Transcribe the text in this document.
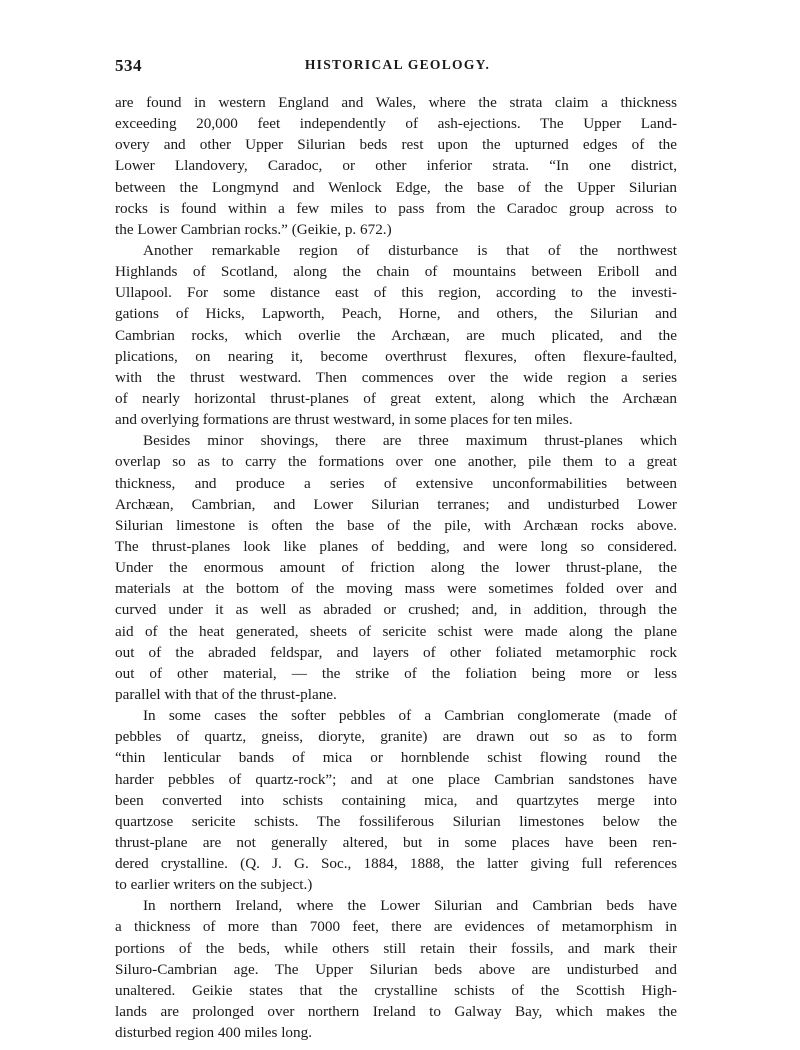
534	HISTORICAL GEOLOGY.
are found in western England and Wales, where the strata claim a thickness
exceeding 20,000 feet independently of ash-ejections. The Upper Land-
overy and other Upper Silurian beds rest upon the upturned edges of the
Lower Llandovery, Caradoc, or other inferior strata. “In one district,
between the Longmynd and Wenlock Edge, the base of the Upper Silurian
rocks is found within a few miles to pass from the Caradoc group across to
the Lower Cambrian rocks.” (Geikie, p. 672.)
Another remarkable region of disturbance is that of the northwest
Highlands of Scotland, along the chain of mountains between Eriboll and
Ullapool. For some distance east of this region, according to the investi-
gations of Hicks, Lapworth, Peach, Horne, and others, the Silurian and
Cambrian rocks, which overlie the Archæan, are much plicated, and the
plications, on nearing it, become overthrust flexures, often flexure-faulted,
with the thrust westward. Then commences over the wide region a series
of nearly horizontal thrust-planes of great extent, along which the Archæan
and overlying formations are thrust westward, in some places for ten miles.
Besides minor shovings, there are three maximum thrust-planes which
overlap so as to carry the formations over one another, pile them to a great
thickness, and produce a series of extensive unconformabilities between
Archæan, Cambrian, and Lower Silurian terranes; and undisturbed Lower
Silurian limestone is often the base of the pile, with Archæan rocks above.
The thrust-planes look like planes of bedding, and were long so considered.
Under the enormous amount of friction along the lower thrust-plane, the
materials at the bottom of the moving mass were sometimes folded over and
curved under it as well as abraded or crushed; and, in addition, through the
aid of the heat generated, sheets of sericite schist were made along the plane
out of the abraded feldspar, and layers of other foliated metamorphic rock
out of other material, — the strike of the foliation being more or less
parallel with that of the thrust-plane.
In some cases the softer pebbles of a Cambrian conglomerate (made of
pebbles of quartz, gneiss, dioryte, granite) are drawn out so as to form
“thin lenticular bands of mica or hornblende schist flowing round the
harder pebbles of quartz-rock”; and at one place Cambrian sandstones have
been converted into schists containing mica, and quartzytes merge into
quartzose sericite schists. The fossiliferous Silurian limestones below the
thrust-plane are not generally altered, but in some places have been ren-
dered crystalline. (Q. J. G. Soc., 1884, 1888, the latter giving full references
to earlier writers on the subject.)
In northern Ireland, where the Lower Silurian and Cambrian beds have
a thickness of more than 7000 feet, there are evidences of metamorphism in
portions of the beds, while others still retain their fossils, and mark their
Siluro-Cambrian age. The Upper Silurian beds above are undisturbed and
unaltered. Geikie states that the crystalline schists of the Scottish High-
lands are prolonged over northern Ireland to Galway Bay, which makes the
disturbed region 400 miles long.
